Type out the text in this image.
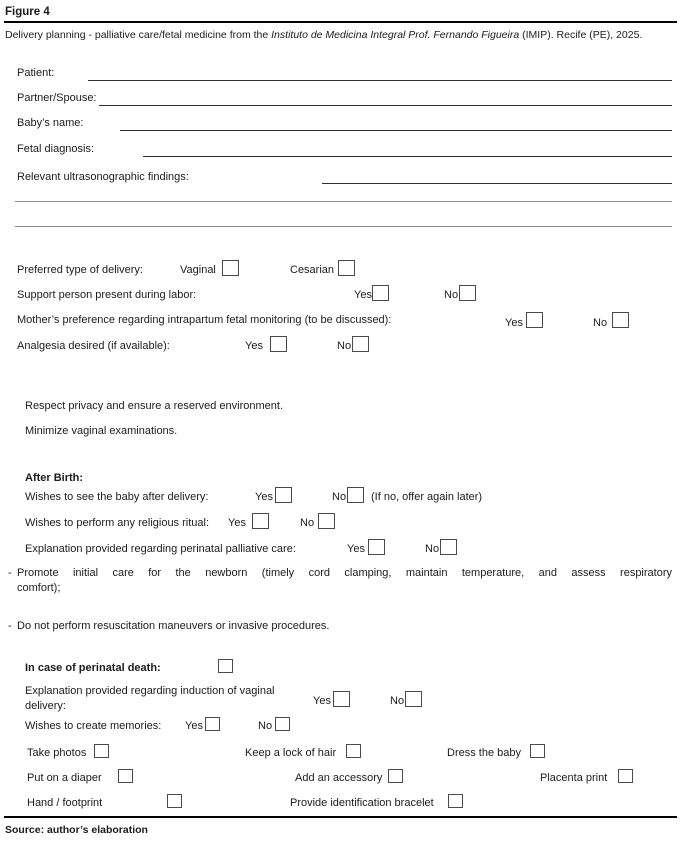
Figure 4
Delivery planning - palliative care/fetal medicine from the Instituto de Medicina Integral Prof. Fernando Figueira (IMIP). Recife (PE), 2025.
Patient:
Partner/Spouse:
Baby’s name:
Fetal diagnosis:
Relevant ultrasonographic findings:
Preferred type of delivery:	Vaginal	Cesarian
Support person present during labor:	Yes	No
Mother’s preference regarding intrapartum fetal monitoring (to be discussed):	Yes	No
Analgesia desired (if available):	Yes	No
Respect privacy and ensure a reserved environment.
Minimize vaginal examinations.
After Birth:
Wishes to see the baby after delivery:	Yes	No (If no, offer again later)
Wishes to perform any religious ritual: Yes	No
Explanation provided regarding perinatal palliative care:	Yes	No
- Promote initial care for the newborn (timely cord clamping, maintain temperature, and assess respiratory
comfort);
- Do not perform resuscitation maneuvers or invasive procedures.
In case of perinatal death:
Explanation provided regarding induction of vaginal delivery:	Yes	No
Wishes to create memories: Yes	No
Take photos	Keep a lock of hair	Dress the baby
Put on a diaper	Add an accessory	Placenta print
Hand / footprint	Provide identification bracelet
Source: author’s elaboration
